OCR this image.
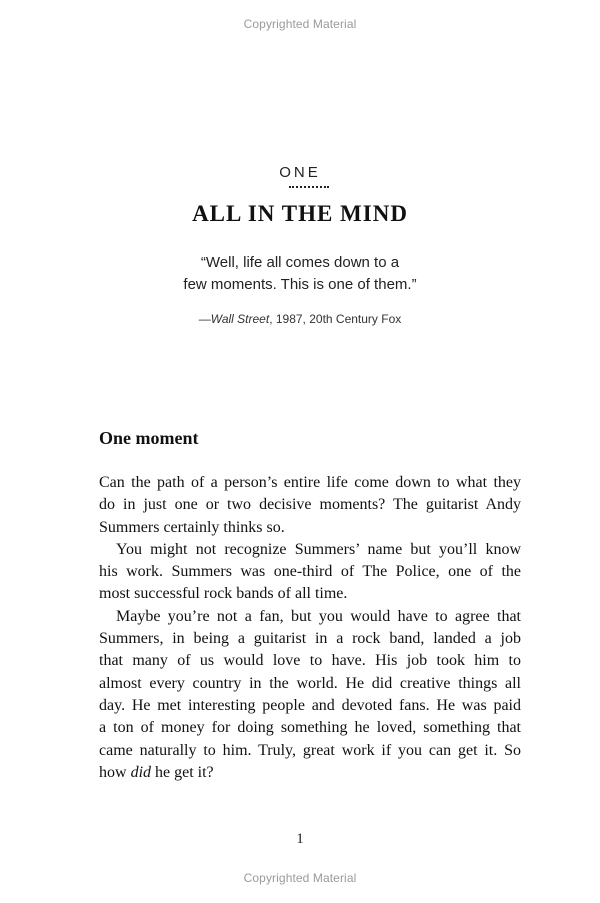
Copyrighted Material
ONE
ALL IN THE MIND
“Well, life all comes down to a
few moments. This is one of them.”
—Wall Street, 1987, 20th Century Fox
One moment
Can the path of a person’s entire life come down to what they
do in just one or two decisive moments? The guitarist Andy
Summers certainly thinks so.
You might not recognize Summers’ name but you’ll know
his work. Summers was one-third of The Police, one of the
most successful rock bands of all time.
Maybe you’re not a fan, but you would have to agree that
Summers, in being a guitarist in a rock band, landed a job
that many of us would love to have. His job took him to
almost every country in the world. He did creative things all
day. He met interesting people and devoted fans. He was paid
a ton of money for doing something he loved, something that
came naturally to him. Truly, great work if you can get it. So
how did he get it?
1
Copyrighted Material
